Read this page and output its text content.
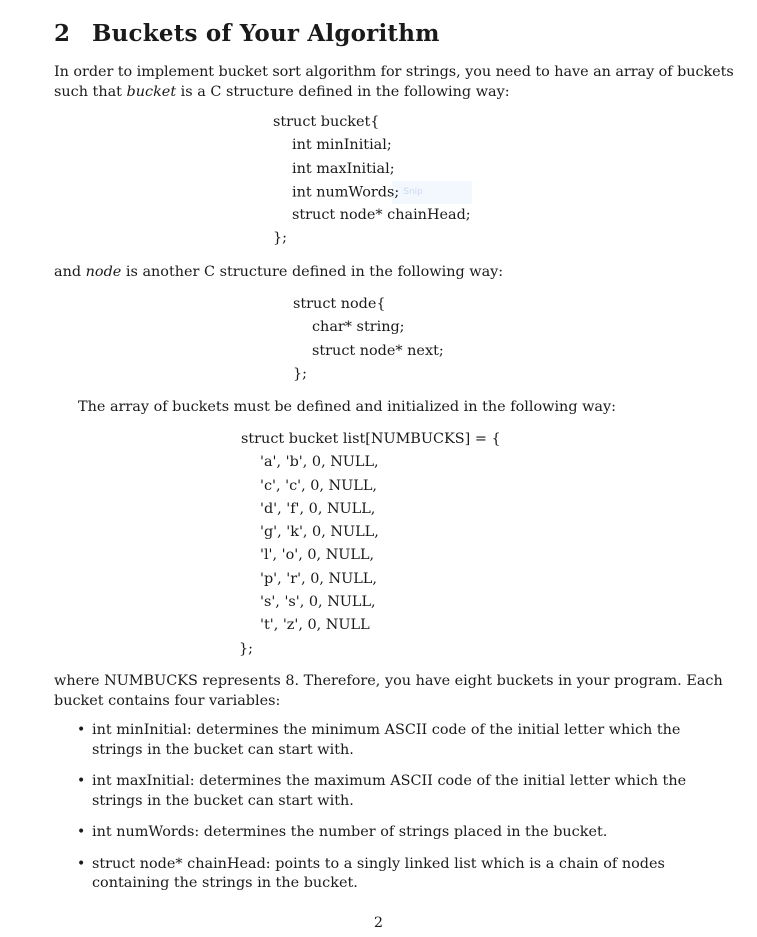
2 Buckets of Your Algorithm
In order to implement bucket sort algorithm for strings, you need to have an array of buckets
such that bucket is a C structure defined in the following way:
struct bucket{
int minInitial;
int maxInitial;
int numWords; Snip
struct node* chainHead;
};
and node is another C structure defined in the following way:
struct node{
char* string;
struct node* next;
};
The array of buckets must be defined and initialized in the following way:
struct bucket list[NUMBUCKS] = {
'a', 'b', 0, NULL,
'c', 'c', 0, NULL,
'd', 'f', 0, NULL,
'g', 'k', 0, NULL,
'l', 'o', 0, NULL,
'p', 'r', 0, NULL,
's', 's', 0, NULL,
't', 'z', 0, NULL
};
where NUMBUCKS represents 8. Therefore, you have eight buckets in your program. Each
bucket contains four variables:
• int minInitial: determines the minimum ASCII code of the initial letter which the strings in the bucket can start with.
• int maxInitial: determines the maximum ASCII code of the initial letter which the strings in the bucket can start with.
• int numWords: determines the number of strings placed in the bucket.
• struct node* chainHead: points to a singly linked list which is a chain of nodes containing the strings in the bucket.
2
